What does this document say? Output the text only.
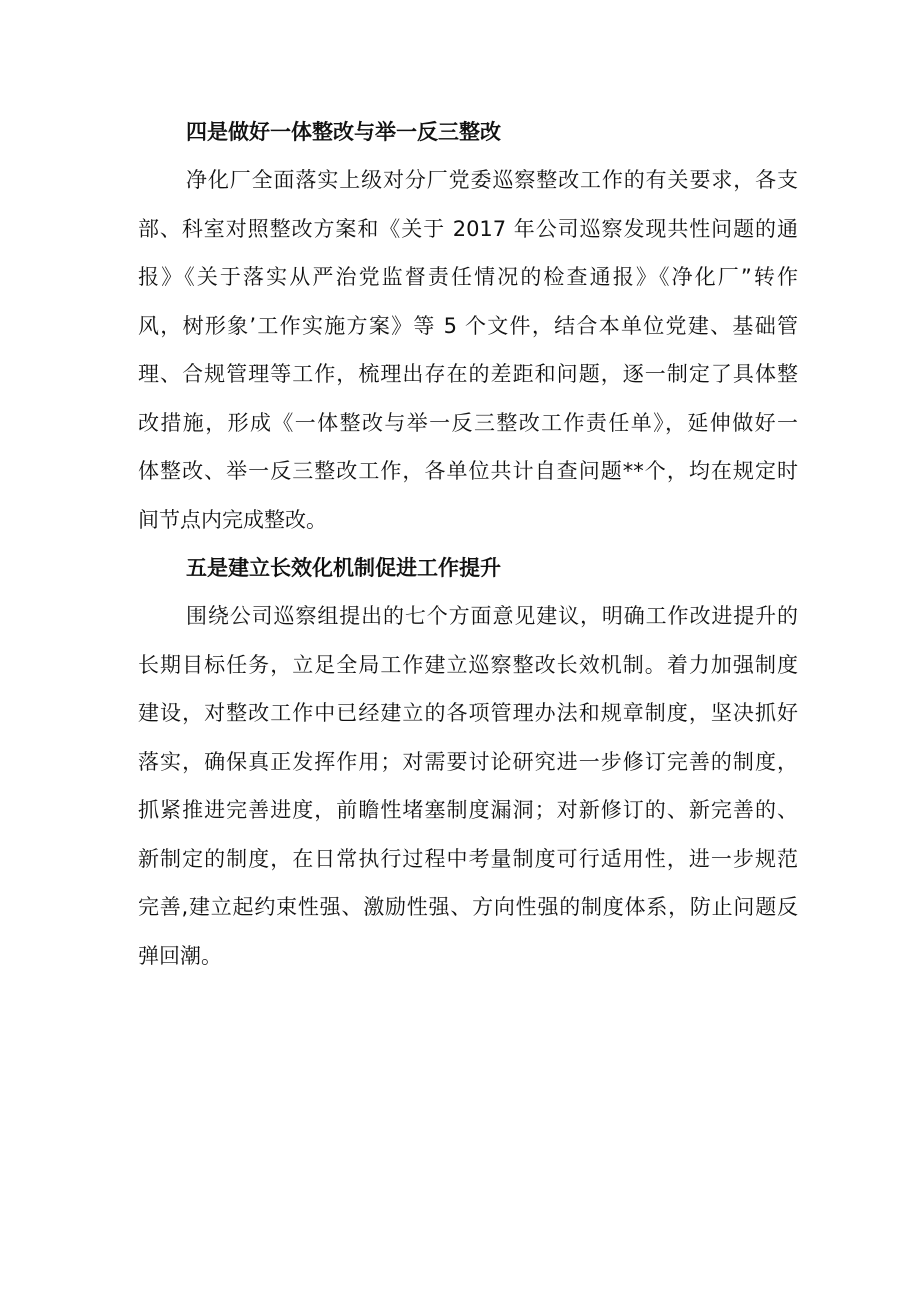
四是做好一体整改与举一反三整改
净化厂全面落实上级对分厂党委巡察整改工作的有关要求，各支
部、科室对照整改方案和《关于 2017 年公司巡察发现共性问题的通
报》《关于落实从严治党监督责任情况的检查通报》《净化厂”转作
风，树形象’工作实施方案》等 5 个文件，结合本单位党建、基础管
理、合规管理等工作，梳理出存在的差距和问题，逐一制定了具体整
改措施，形成《一体整改与举一反三整改工作责任单》，延伸做好一
体整改、举一反三整改工作，各单位共计自查问题**个，均在规定时
间节点内完成整改。
五是建立长效化机制促进工作提升
围绕公司巡察组提出的七个方面意见建议，明确工作改进提升的
长期目标任务，立足全局工作建立巡察整改长效机制。着力加强制度
建设，对整改工作中已经建立的各项管理办法和规章制度，坚决抓好
落实，确保真正发挥作用；对需要讨论研究进一步修订完善的制度，
抓紧推进完善进度，前瞻性堵塞制度漏洞；对新修订的、新完善的、
新制定的制度，在日常执行过程中考量制度可行适用性，进一步规范
完善,建立起约束性强、激励性强、方向性强的制度体系，防止问题反
弹回潮。
